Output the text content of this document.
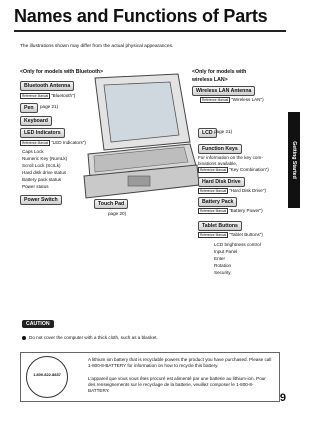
Names and Functions of Parts
The illustrations shown may differ from the actual physical appearances.
<Only for models with Bluetooth>	<Only for models with
wireless LAN>
Bluetooth Antenna
Reference Manual "Bluetooth")
Pen	page 21)
Keyboard
LED Indicators
Reference Manual "LED Indicators")
Caps Lock
Numeric Key (NumLk)
Scroll Lock (ScrLk)
Hard disk drive status
Battery pack status
Power status
Power Switch
Touch Pad
page 20)
Wireless LAN Antenna
Reference Manual "Wireless LAN")
LCD page 21)
Function Keys
For information on the key com-
binations available,
Reference Manual "Key Combination")
Hard Disk Drive
Reference Manual "Hard Disk Drive")
Battery Pack
Reference Manual "Battery Power")
Tablet Buttons
Reference Manual "Tablet Buttons")
LCD brightness control
Input Panel
Enter
Rotation
Security
Getting Started
CAUTION
Do not cover the computer with a thick cloth, such as a blanket.
1.800.822.8837
A lithium ion battery that is recyclable powers the product you have purchased. Please call 1-800-8-BATTERY for information on how to recycle this battery.
L'appareil que vous vous êtes procuré est alimenté par une batterie au lithium-ion. Pour des renseignements sur le recyclage de la batterie, veuillez composer le 1-800-8-BATTERY.
9
